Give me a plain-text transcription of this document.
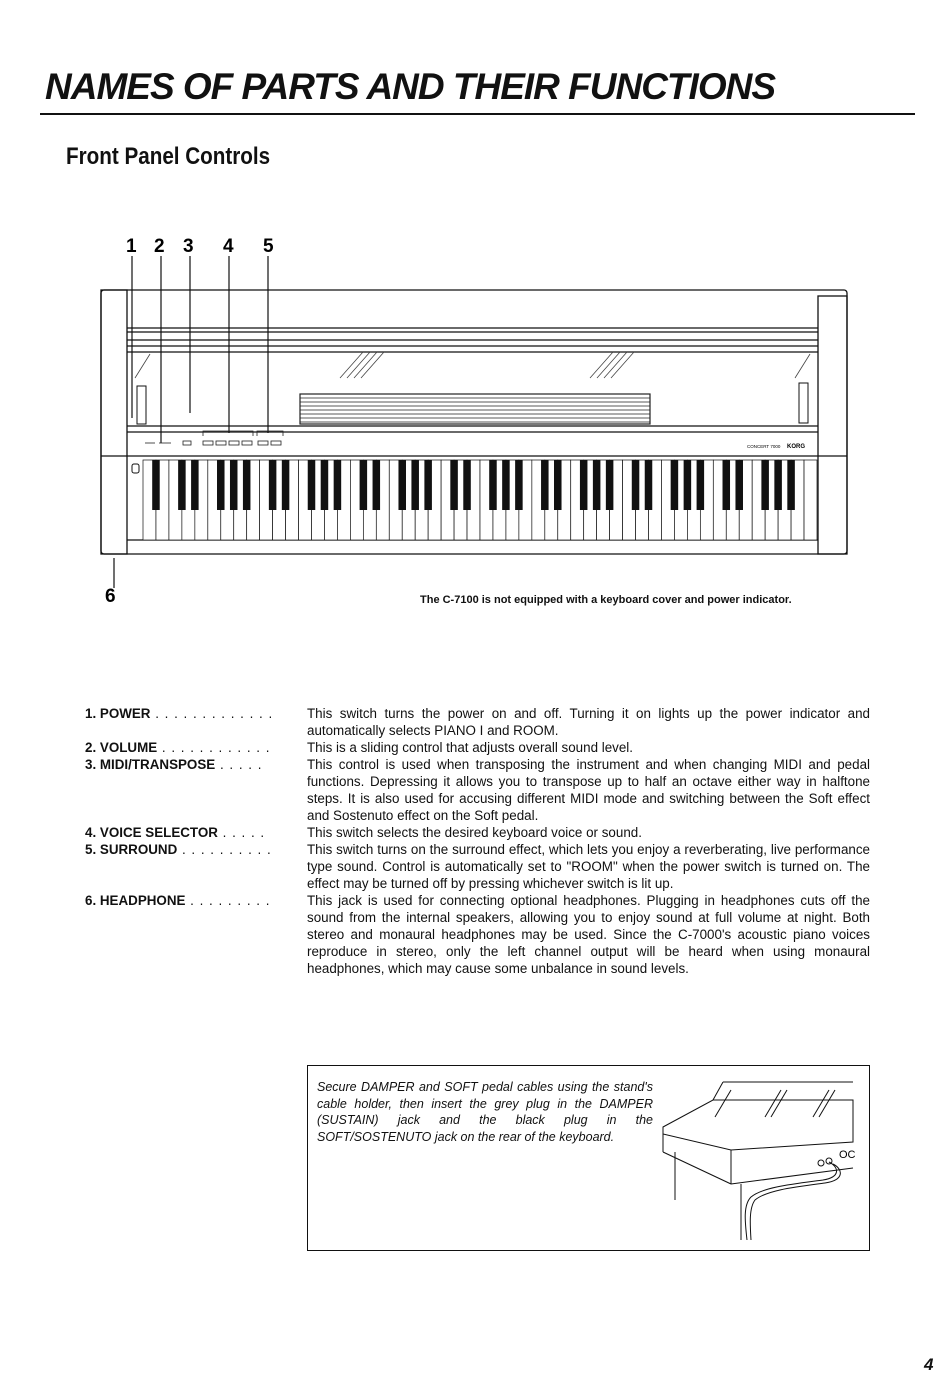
NAMES OF PARTS AND THEIR FUNCTIONS
Front Panel Controls
1 2 3 4 5
6
CONCERT 7000 KORG
The C-7100 is not equipped with a keyboard cover and power indicator.
1. POWER . . . . . . . . . . . . .	This switch turns the power on and off. Turning it on lights up the power indicator and automatically selects PIANO I and ROOM.
2. VOLUME . . . . . . . . . . . .	This is a sliding control that adjusts overall sound level.
3. MIDI/TRANSPOSE . . . . .	This control is used when transposing the instrument and when changing MIDI and pedal functions. Depressing it allows you to transpose up to half an octave either way in halftone steps. It is also used for accusing different MIDI mode and switching between the Soft effect and Sostenuto effect on the Soft pedal.
4. VOICE SELECTOR . . . . .	This switch selects the desired keyboard voice or sound.
5. SURROUND . . . . . . . . . .	This switch turns on the surround effect, which lets you enjoy a reverberating, live performance type sound. Control is automatically set to "ROOM" when the power switch is turned on. The effect may be turned off by pressing whichever switch is lit up.
6. HEADPHONE . . . . . . . . .	This jack is used for connecting optional headphones. Plugging in headphones cuts off the sound from the internal speakers, allowing you to enjoy sound at full volume at night. Both stereo and monaural headphones may be used. Since the C-7000's acoustic piano voices reproduce in stereo, only the left channel output will be heard when using monaural headphones, which may cause some unbalance in sound levels.
Secure DAMPER and SOFT pedal cables using the stand's cable holder, then insert the grey plug in the DAMPER (SUSTAIN) jack and the black plug in the SOFT/SOSTENUTO jack on the rear of the keyboard.
OC
4
